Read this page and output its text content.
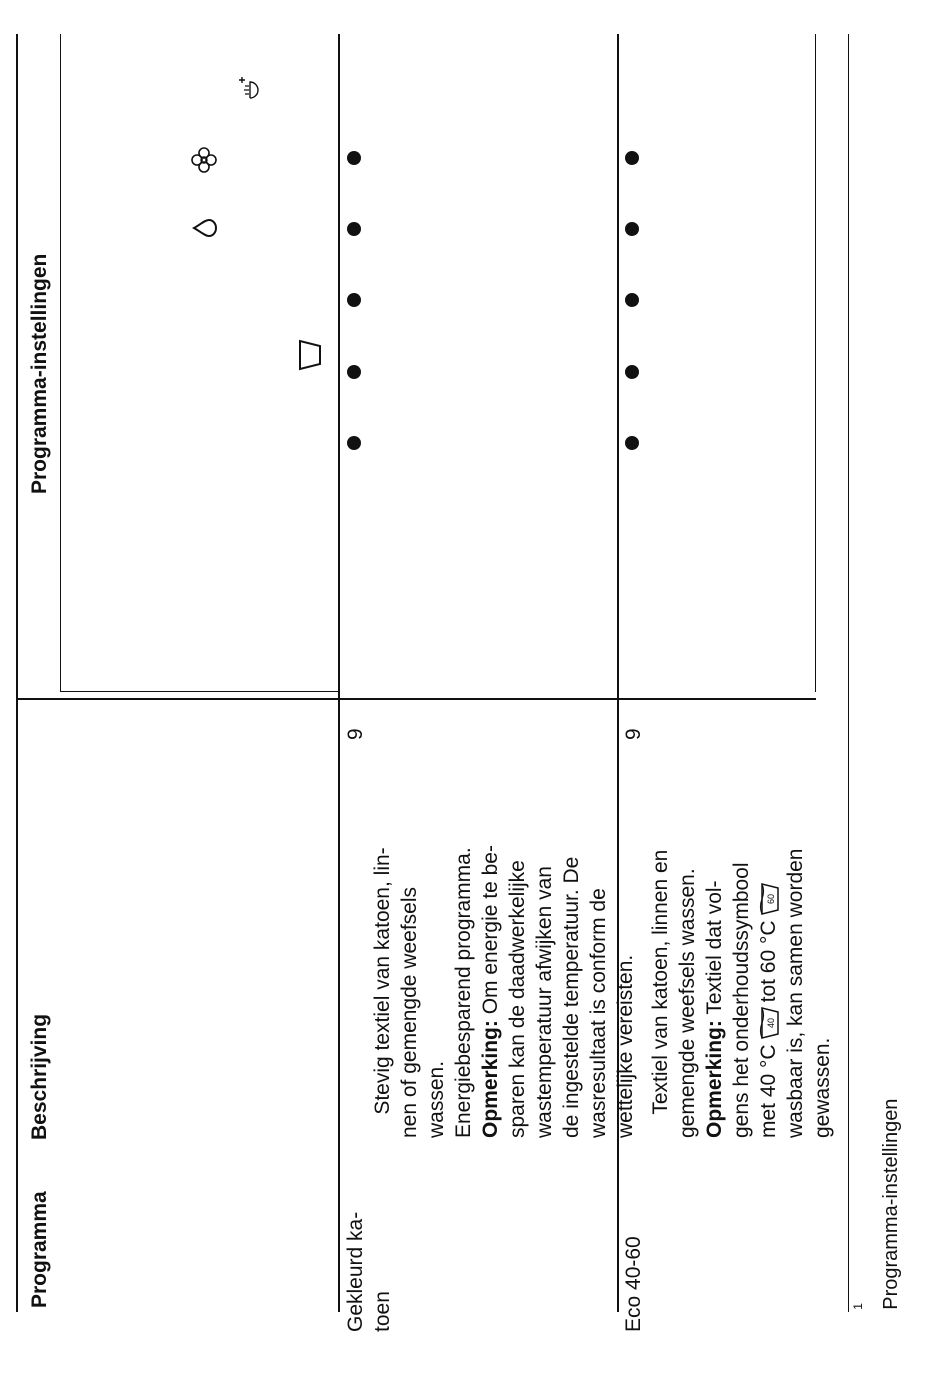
Programma
Beschrijving
Programma-instellingen
Gekleurd ka-
toen

Stevig textiel van katoen, lin-
nen of gemengde weefsels
wassen.
Energiebesparend programma.
Opmerking: Om energie te be-
sparen kan de daadwerkelijke
wastemperatuur afwijken van
de ingestelde temperatuur. De
wasresultaat is conform de
wettelijke vereisten.

9
Eco 40-60

Textiel van katoen, linnen en
gemengde weefsels wassen.
Opmerking: Textiel dat vol- gens het onderhoudssymbool met 40 °C
40
tot 60 °C
60 wasbaar is, kan samen worden gewassen.

9

$^1$ Programma-instellingen
